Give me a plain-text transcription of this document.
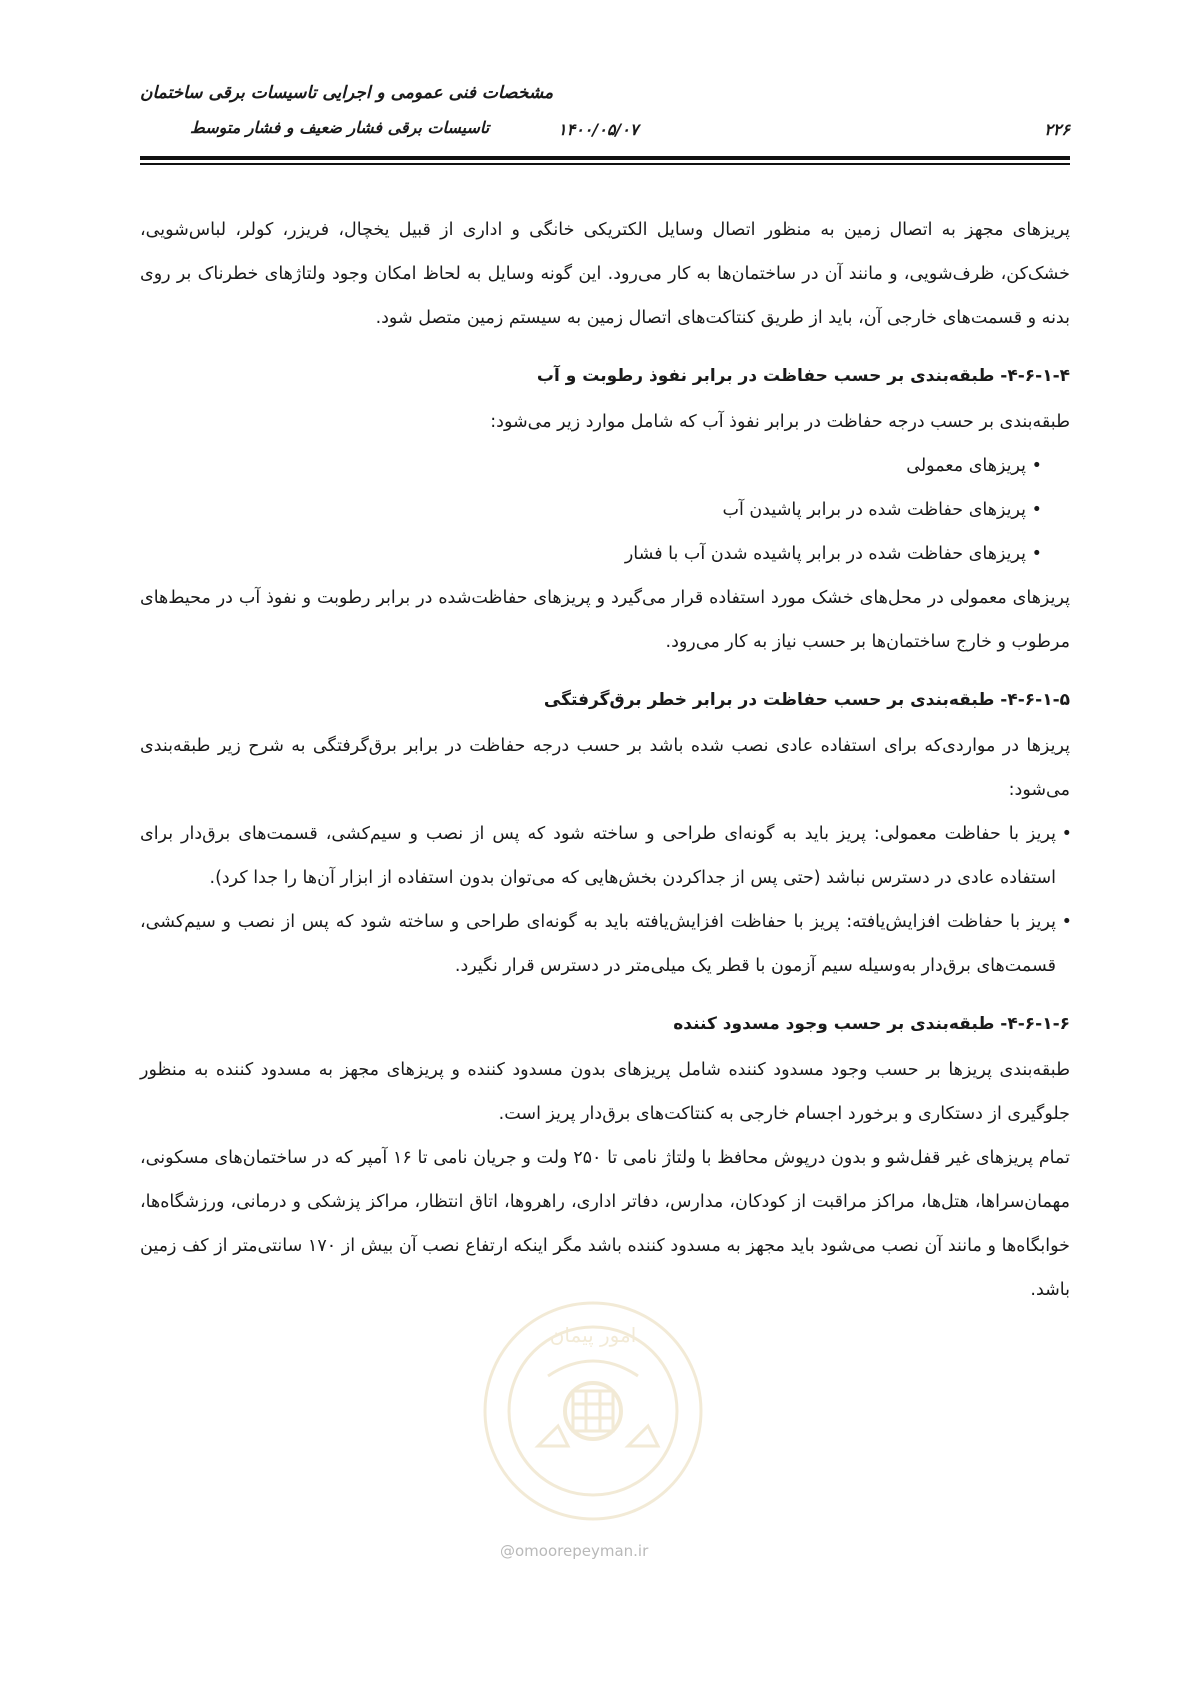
مشخصات فنی عمومی و اجرایی تاسیسات برقی ساختمان
تاسیسات برقی فشار ضعیف و فشار متوسط	۱۴۰۰/۰۵/۰۷	۲۲۶

پریزهای مجهز به اتصال زمین به منظور اتصال وسایل الکتریکی خانگی و اداری از قبیل یخچال، فریزر، کولر، لباس‌شویی، خشک‌کن، ظرف‌شویی، و مانند آن در ساختمان‌ها به کار می‌رود. این گونه وسایل به لحاظ امکان وجود ولتاژهای خطرناک بر روی بدنه و قسمت‌های خارجی آن، باید از طریق کنتاکت‌های اتصال زمین به سیستم زمین متصل شود.

۴-۶-۱-۴- طبقه‌بندی بر حسب حفاظت در برابر نفوذ رطوبت و آب

طبقه‌بندی بر حسب درجه حفاظت در برابر نفوذ آب که شامل موارد زیر می‌شود:

• پریزهای معمولی
• پریزهای حفاظت شده در برابر پاشیدن آب
• پریزهای حفاظت شده در برابر پاشیده شدن آب با فشار

پریزهای معمولی در محل‌های خشک مورد استفاده قرار می‌گیرد و پریزهای حفاظت‌شده در برابر رطوبت و نفوذ آب در محیط‌های مرطوب و خارج ساختمان‌ها بر حسب نیاز به کار می‌رود.

۴-۶-۱-۵- طبقه‌بندی بر حسب حفاظت در برابر خطر برق‌گرفتگی

پریزها در مواردی‌که برای استفاده عادی نصب شده باشد بر حسب درجه حفاظت در برابر برق‌گرفتگی به شرح زیر طبقه‌بندی می‌شود:

• پریز با حفاظت معمولی: پریز باید به گونه‌ای طراحی و ساخته شود که پس از نصب و سیم‌کشی، قسمت‌های برق‌دار برای استفاده عادی در دسترس نباشد (حتی پس از جداکردن بخش‌هایی که می‌توان بدون استفاده از ابزار آن‌ها را جدا کرد).
• پریز با حفاظت افزایش‌یافته: پریز با حفاظت افزایش‌یافته باید به گونه‌ای طراحی و ساخته شود که پس از نصب و سیم‌کشی، قسمت‌های برق‌دار به‌وسیله سیم آزمون با قطر یک میلی‌متر در دسترس قرار نگیرد.
۴-۶-۱-۶- طبقه‌بندی بر حسب وجود مسدود کننده

طبقه‌بندی پریزها بر حسب وجود مسدود کننده شامل پریزهای بدون مسدود کننده و پریزهای مجهز به مسدود کننده به منظور جلوگیری از دستکاری و برخورد اجسام خارجی به کنتاکت‌های برق‌دار پریز است.

تمام پریزهای غیر قفل‌شو و بدون درپوش محافظ با ولتاژ نامی تا ۲۵۰ ولت و جریان نامی تا ۱۶ آمپر که در ساختمان‌های مسکونی، مهمان‌سراها، هتل‌ها، مراکز مراقبت از کودکان، مدارس، دفاتر اداری، راهروها، اتاق انتظار، مراکز پزشکی و درمانی، ورزشگاه‌ها، خوابگاه‌ها و مانند آن نصب می‌شود باید مجهز به مسدود کننده باشد مگر اینکه ارتفاع نصب آن بیش از ۱۷۰ سانتی‌متر از کف زمین باشد.

امور پیمان
@omoorepeyman.ir
